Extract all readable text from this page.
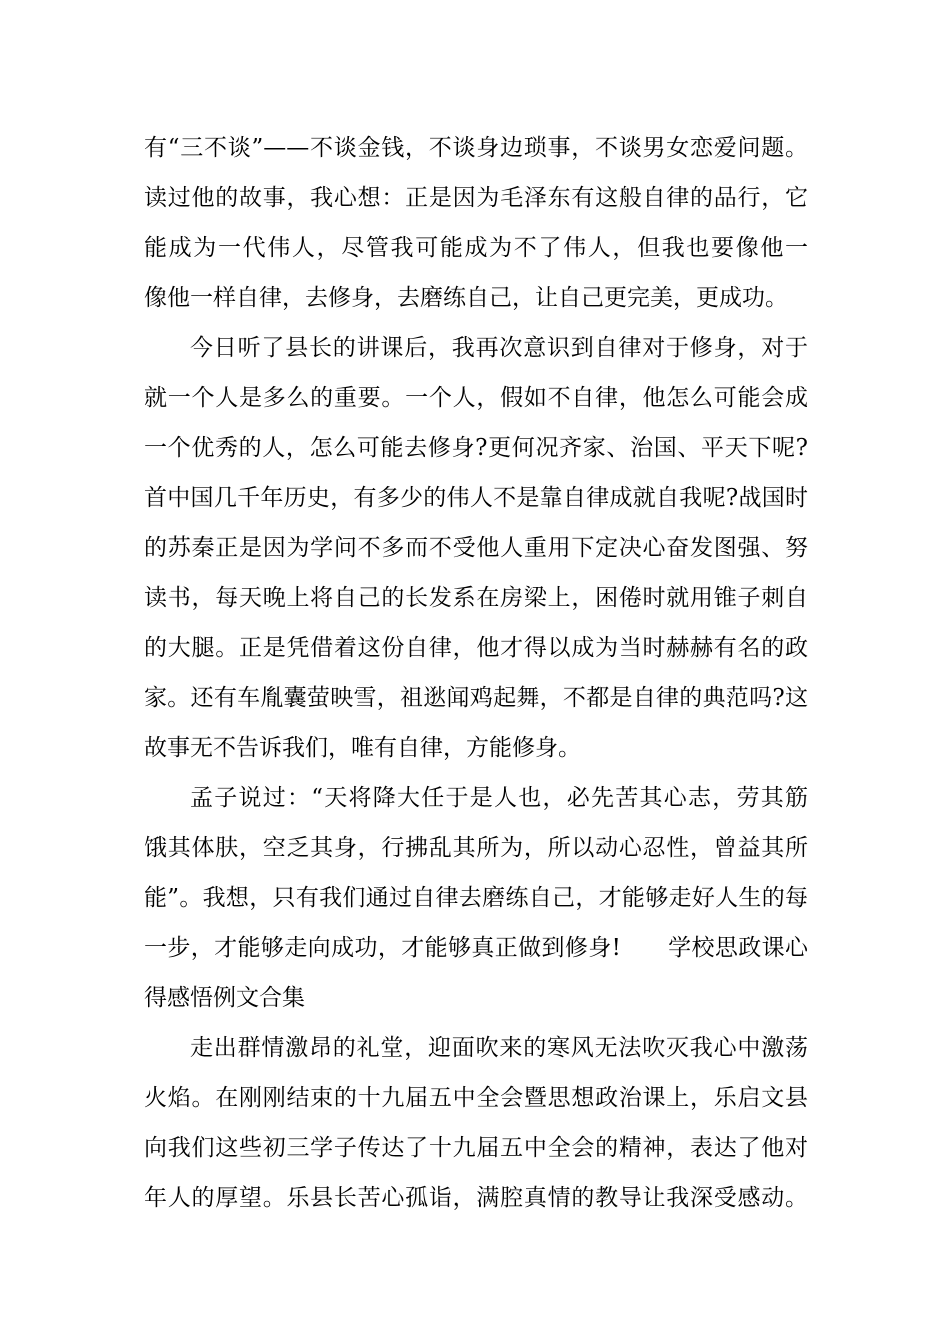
有“三不谈”——不谈金钱，不谈身边琐事，不谈男女恋爱问题。
读过他的故事，我心想：正是因为毛泽东有这般自律的品行，它
能成为一代伟人，尽管我可能成为不了伟人，但我也要像他一
像他一样自律，去修身，去磨练自己，让自己更完美，更成功。
今日听了县长的讲课后，我再次意识到自律对于修身，对于
就一个人是多么的重要。一个人，假如不自律，他怎么可能会成
一个优秀的人，怎么可能去修身?更何况齐家、治国、平天下呢?
首中国几千年历史，有多少的伟人不是靠自律成就自我呢?战国时
的苏秦正是因为学问不多而不受他人重用下定决心奋发图强、努
读书，每天晚上将自己的长发系在房梁上，困倦时就用锥子刺自
的大腿。正是凭借着这份自律，他才得以成为当时赫赫有名的政
家。还有车胤囊萤映雪，祖逖闻鸡起舞，不都是自律的典范吗?这
故事无不告诉我们，唯有自律，方能修身。
孟子说过：“天将降大任于是人也，必先苦其心志，劳其筋
饿其体肤，空乏其身，行拂乱其所为，所以动心忍性，曾益其所
能”。我想，只有我们通过自律去磨练自己，才能够走好人生的每
一步，才能够走向成功，才能够真正做到修身!　　学校思政课心
得感悟例文合集
走出群情激昂的礼堂，迎面吹来的寒风无法吹灭我心中激荡
火焰。在刚刚结束的十九届五中全会暨思想政治课上，乐启文县
向我们这些初三学子传达了十九届五中全会的精神，表达了他对
年人的厚望。乐县长苦心孤诣，满腔真情的教导让我深受感动。
